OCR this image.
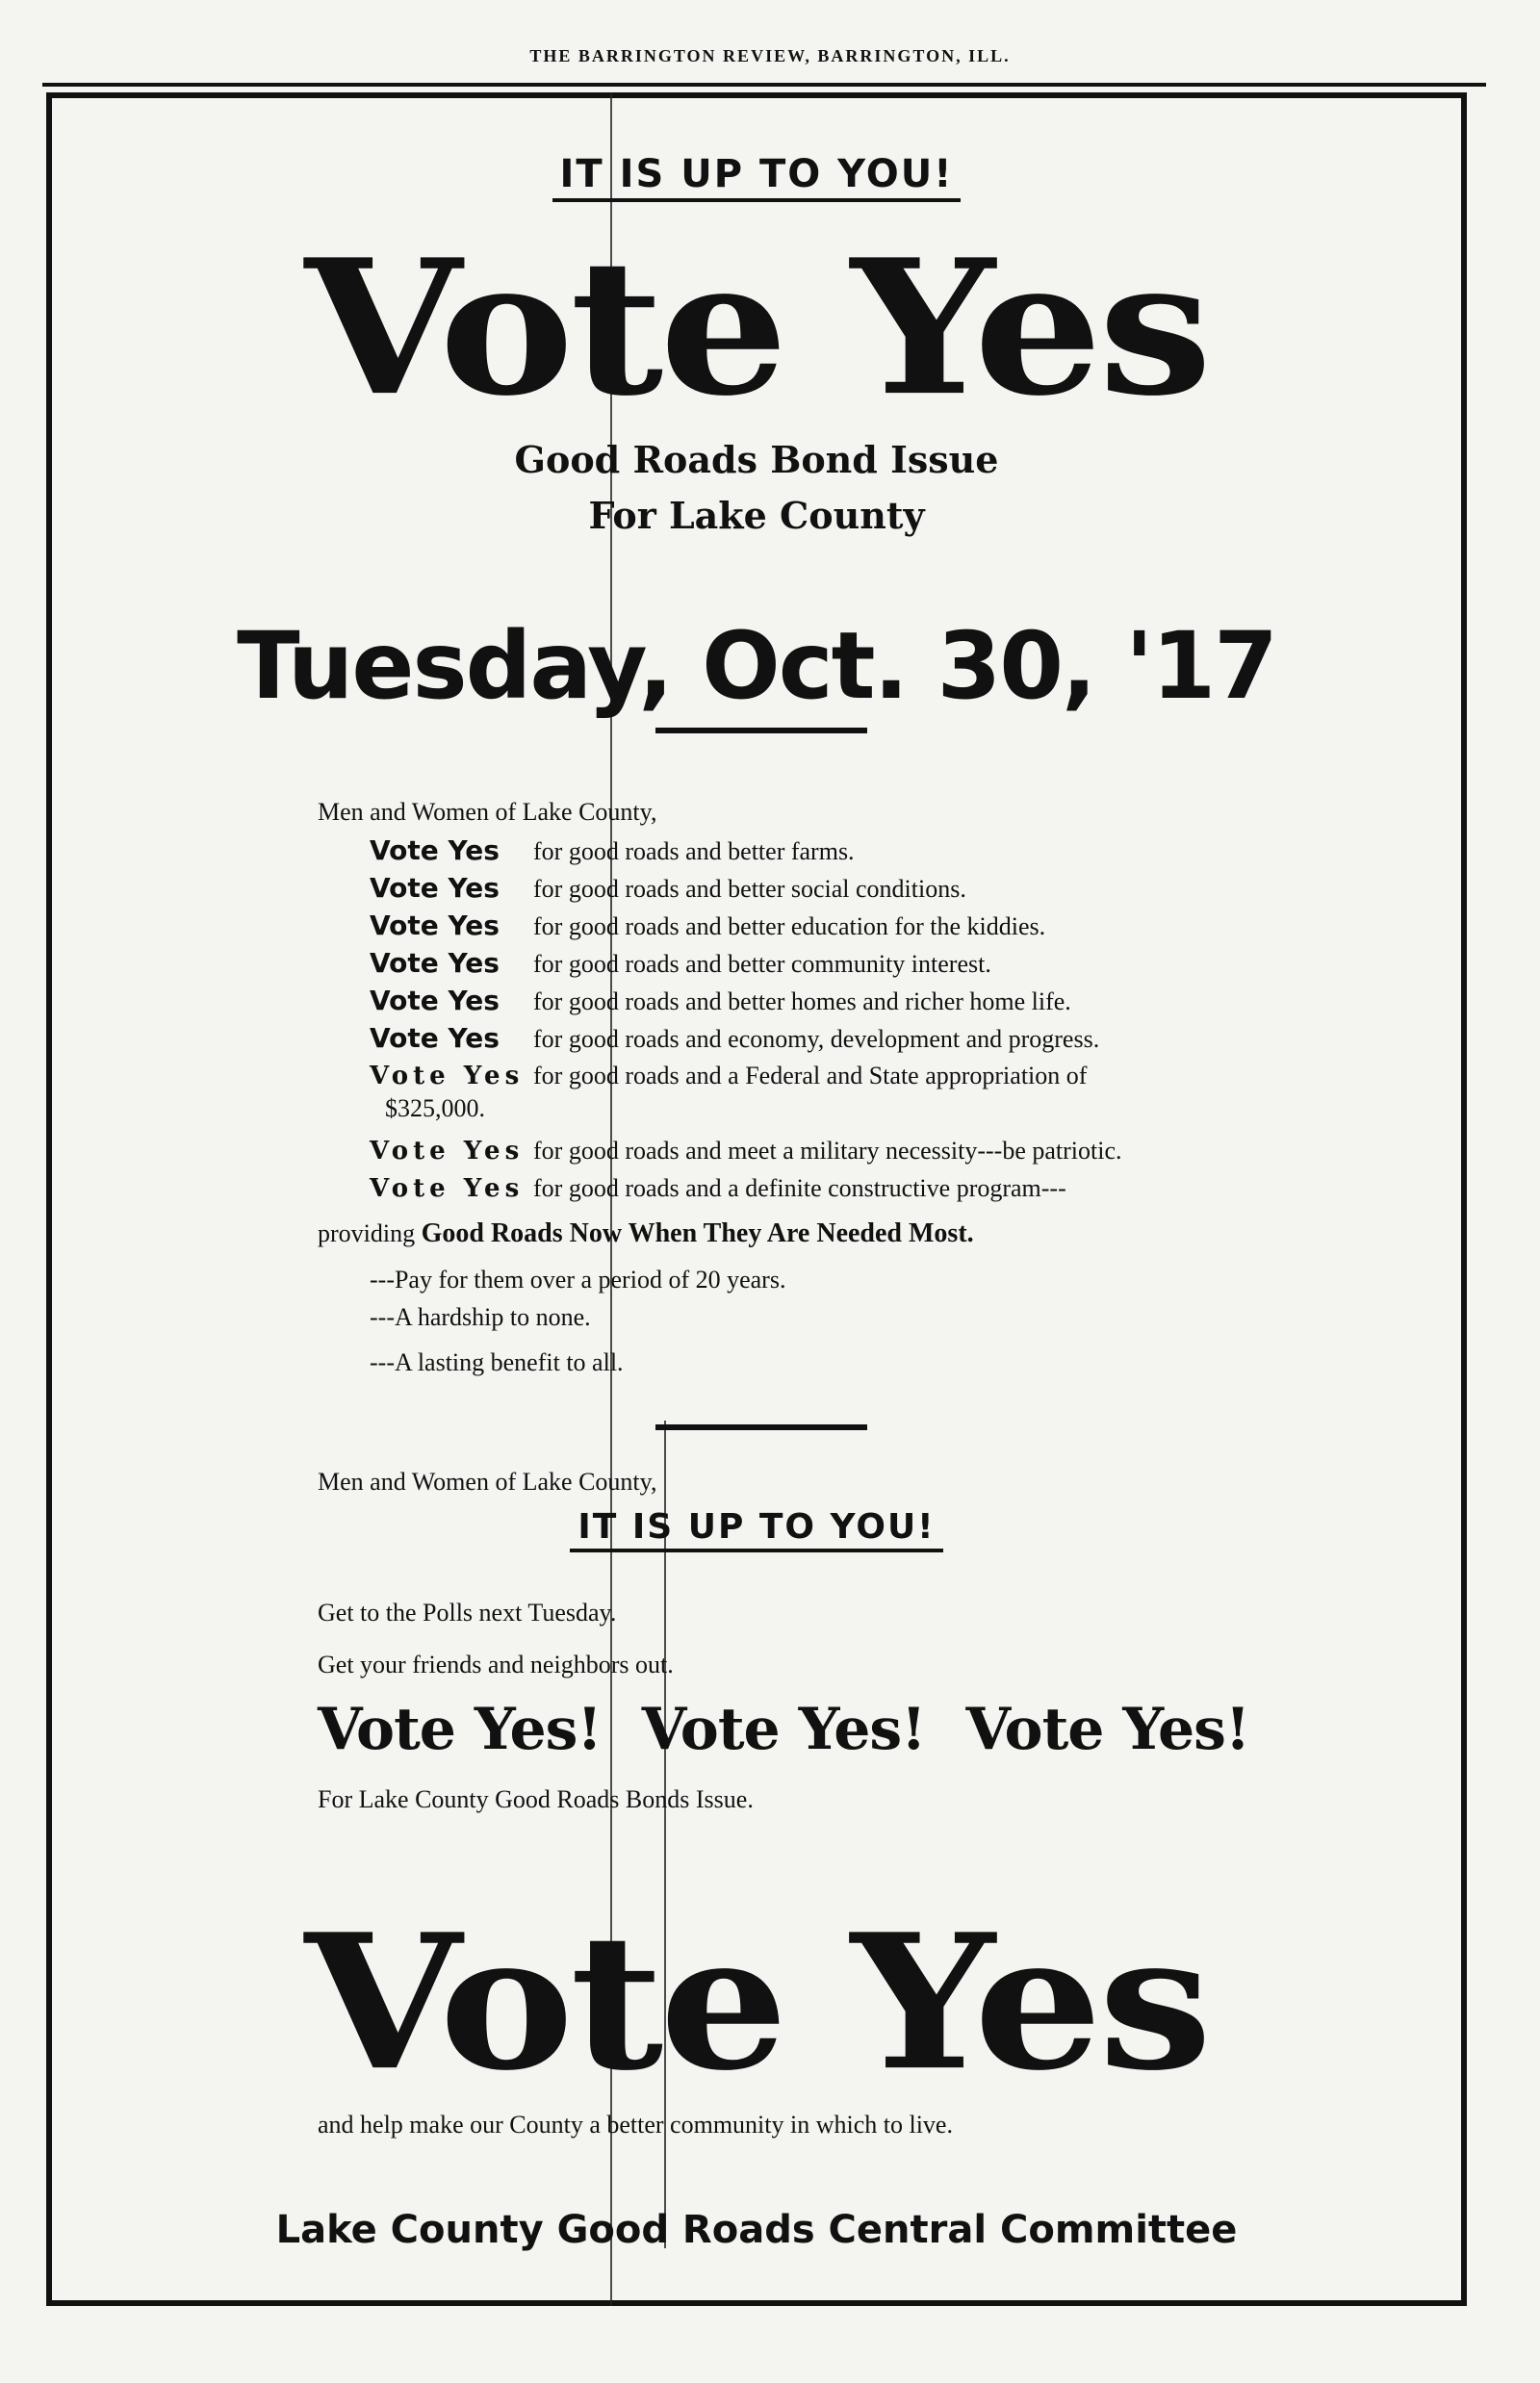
THE BARRINGTON REVIEW, BARRINGTON, ILL.
IT IS UP TO YOU!
Vote Yes
Good Roads Bond Issue
For Lake County
Tuesday, Oct. 30, '17
Men and Women of Lake County,
Vote Yes for good roads and better farms.
Vote Yes for good roads and better social conditions.
Vote Yes for good roads and better education for the kiddies.
Vote Yes for good roads and better community interest.
Vote Yes for good roads and better homes and richer home life.
Vote Yes for good roads and economy, development and progress.
Vote Yes for good roads and a Federal and State appropriation of
$325,000.
Vote Yes for good roads and meet a military necessity---be patriotic.
Vote Yes for good roads and a definite constructive program---
providing Good Roads Now When They Are Needed Most.
---Pay for them over a period of 20 years.
---A hardship to none.
---A lasting benefit to all.
Men and Women of Lake County,
IT IS UP TO YOU!
Get to the Polls next Tuesday.
Get your friends and neighbors out.
Vote Yes! Vote Yes! Vote Yes!
For Lake County Good Roads Bonds Issue.
Vote Yes
and help make our County a better community in which to live.
Lake County Good Roads Central Committee
